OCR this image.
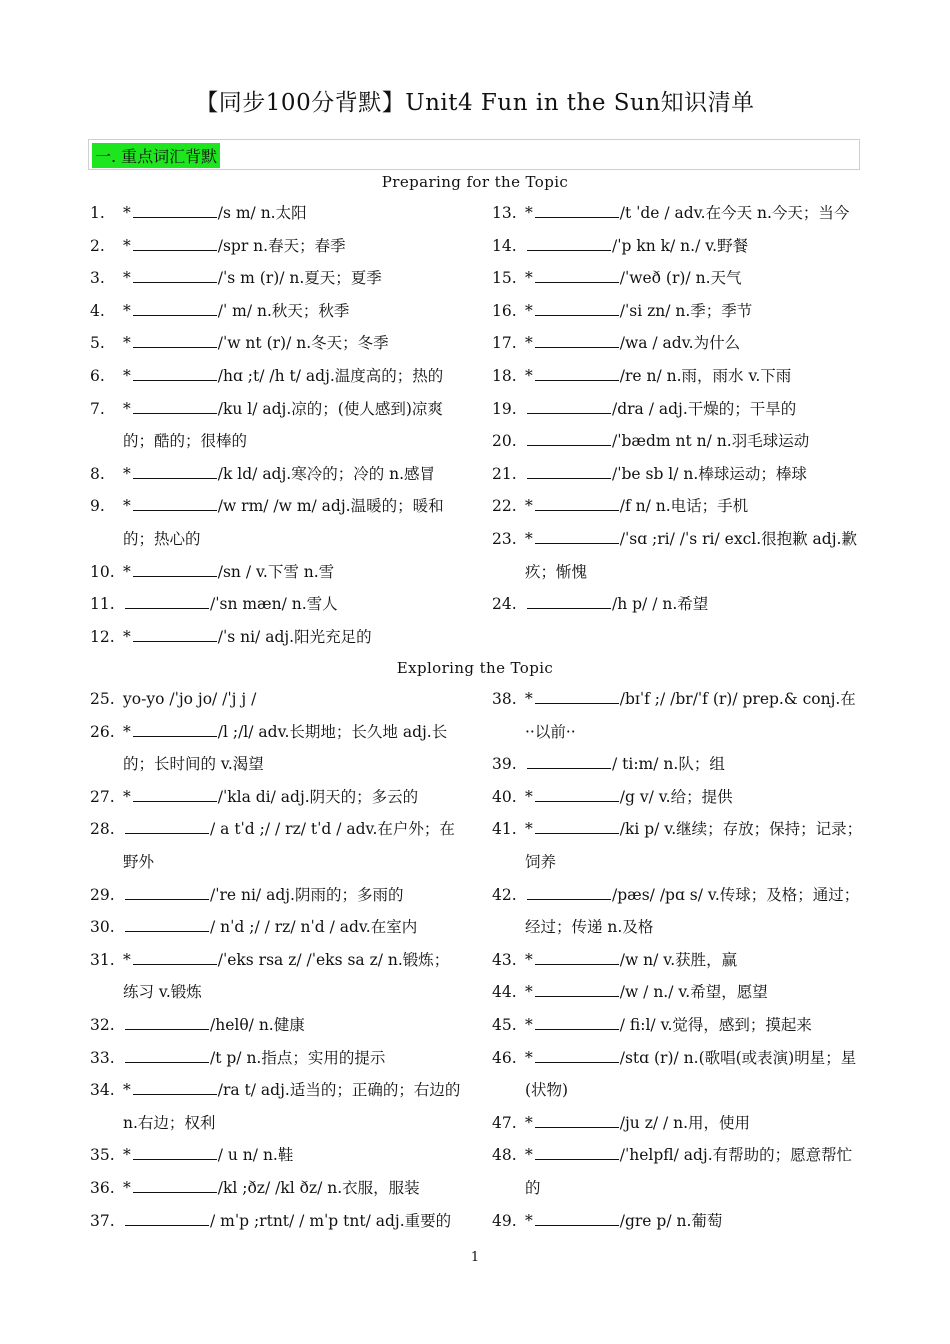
【同步100分背默】Unit4 Fun in the Sun知识清单
一. 重点词汇背默
Preparing for the Topic
1. *	/s m/ n.太阳
2. *	/spr n.春天；春季
3. *	/ˈs m (r)/ n.夏天；夏季
4. *	/ˈ m/ n.秋天；秋季
5. *	/ˈw nt (r)/ n.冬天；冬季
6. *	/hɑ ;t/ /h t/ adj.温度高的；热的
7. *	/ku l/ adj.凉的；(使人感到)凉爽的；酷的；很棒的
8. *	/k ld/ adj.寒冷的；冷的 n.感冒
9. *	/w rm/ /w m/ adj.温暖的；暖和的；热心的
10. *	/sn / v.下雪 n.雪
11.	/ˈsn mæn/ n.雪人
12. *	/ˈs ni/ adj.阳光充足的
13. *	/t ˈde / adv.在今天 n.今天；当今
14.	/ˈp kn k/ n./ v.野餐
15. *	/ˈweð (r)/ n.天气
16. *	/ˈsi zn/ n.季；季节
17. *	/wa / adv.为什么
18. *	/re n/ n.雨，雨水 v.下雨
19.	/dra / adj.干燥的；干旱的
20.	/ˈbædm nt n/ n.羽毛球运动
21.	/ˈbe sb l/ n.棒球运动；棒球
22. *	/f n/ n.电话；手机
23. *	/ˈsɑ ;ri/ /ˈs ri/ excl.很抱歉 adj.歉疚；惭愧
24.	/h p/ / n.希望
Exploring the Topic
25. yo-yo /ˈjo jo/ /ˈj j /
26. *	/l ;/l/ adv.长期地；长久地 adj.长的；长时间的 v.渴望
27. *	/ˈkla di/ adj.阴天的；多云的
28.	/ a tˈd ;/ / rz/ tˈd / adv.在户外；在野外
29.	/ˈre ni/ adj.阴雨的；多雨的
30.	/ nˈd ;/ / rz/ nˈd / adv.在室内
31. *	/ˈeks rsa z/ /ˈeks sa z/ n.锻炼；练习 v.锻炼
32.	/helθ/ n.健康
33.	/t p/ n.指点；实用的提示
34. *	/ra t/ adj.适当的；正确的；右边的 n.右边；权利
35. *	/ u n/ n.鞋
36. *	/kl ;ðz/ /kl ðz/ n.衣服，服装
37.	/ mˈp ;rtnt/ / mˈp tnt/ adj.重要的
38. *	/bɪˈf ;/ /br/ˈf (r)/ prep.& conj.在··以前··
39.	/ ti:m/ n.队；组
40. *	/g v/ v.给；提供
41. *	/ki p/ v.继续；存放；保持；记录；饲养
42.	/pæs/ /pɑ s/ v.传球；及格；通过；经过；传递 n.及格
43. *	/w n/ v.获胜，赢
44. *	/w / n./ v.希望，愿望
45. *	/ fi:l/ v.觉得，感到；摸起来
46. *	/stɑ (r)/ n.(歌唱(或表演)明星；星(状物)
47. *	/ju z/ / n.用，使用
48. *	/ˈhelpfl/ adj.有帮助的；愿意帮忙的
49. *	/gre p/ n.葡萄
1
